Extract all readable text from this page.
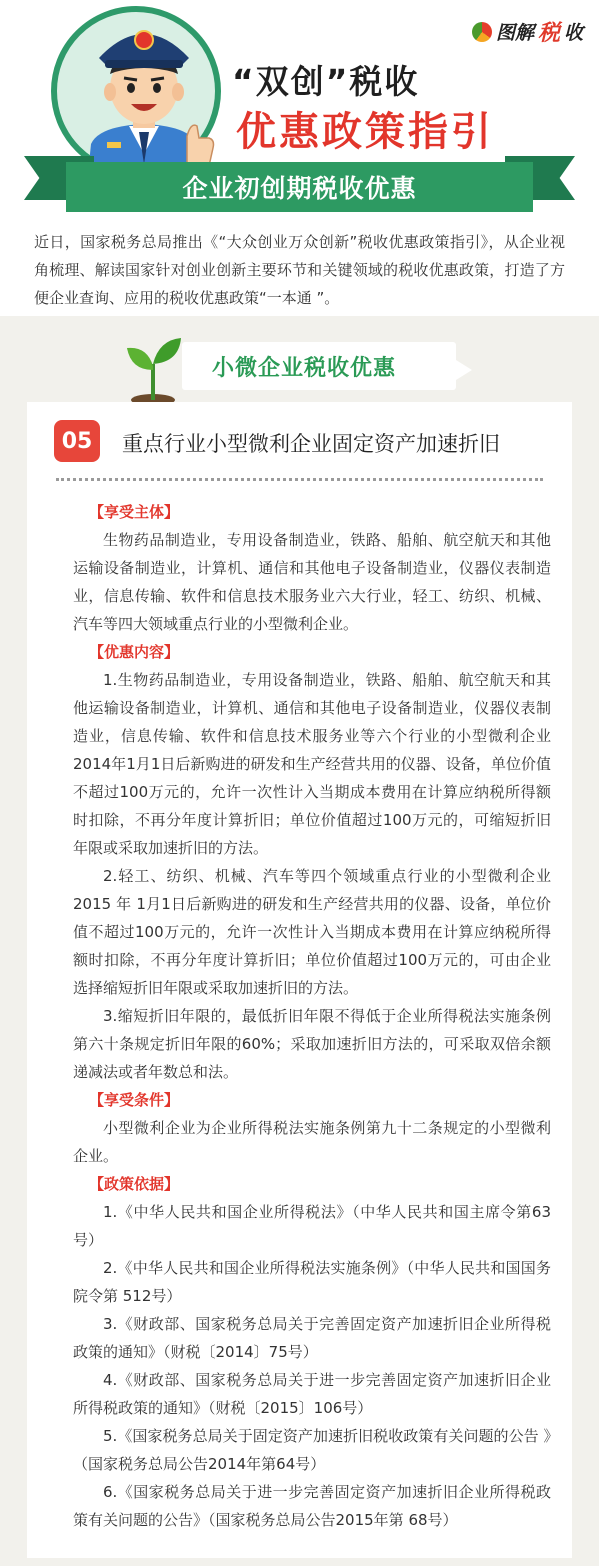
图解 税 收
“双创”税收
优惠政策指引
企业初创期税收优惠
近日，国家税务总局推出《“大众创业万众创新”税收优惠政策指引》，从企业视角梳理、解读国家针对创业创新主要环节和关键领域的税收优惠政策，打造了方便企业查询、应用的税收优惠政策“一本通 ”。
小微企业税收优惠
05	重点行业小型微利企业固定资产加速折旧
【享受主体】
生物药品制造业，专用设备制造业，铁路、船舶、航空航天和其他运输设备制造业，计算机、通信和其他电子设备制造业，仪器仪表制造业，信息传输、软件和信息技术服务业六大行业，轻工、纺织、机械、汽车等四大领域重点行业的小型微利企业。
【优惠内容】
1.生物药品制造业，专用设备制造业，铁路、船舶、航空航天和其他运输设备制造业，计算机、通信和其他电子设备制造业，仪器仪表制造业，信息传输、软件和信息技术服务业等六个行业的小型微利企业2014年1月1日后新购进的研发和生产经营共用的仪器、设备，单位价值不超过100万元的，允许一次性计入当期成本费用在计算应纳税所得额时扣除，不再分年度计算折旧；单位价值超过100万元的，可缩短折旧年限或采取加速折旧的方法。
2.轻工、纺织、机械、汽车等四个领域重点行业的小型微利企业2015 年 1月1日后新购进的研发和生产经营共用的仪器、设备，单位价值不超过100万元的，允许一次性计入当期成本费用在计算应纳税所得额时扣除，不再分年度计算折旧；单位价值超过100万元的，可由企业选择缩短折旧年限或采取加速折旧的方法。
3.缩短折旧年限的，最低折旧年限不得低于企业所得税法实施条例第六十条规定折旧年限的60%；采取加速折旧方法的，可采取双倍余额递减法或者年数总和法。
【享受条件】
小型微利企业为企业所得税法实施条例第九十二条规定的小型微利企业。
【政策依据】
1.《中华人民共和国企业所得税法》（中华人民共和国主席令第63号）
2.《中华人民共和国企业所得税法实施条例》（中华人民共和国国务院令第 512号）
3.《财政部、国家税务总局关于完善固定资产加速折旧企业所得税政策的通知》（财税〔2014〕75号）
4.《财政部、国家税务总局关于进一步完善固定资产加速折旧企业所得税政策的通知》（财税〔2015〕106号）
5.《国家税务总局关于固定资产加速折旧税收政策有关问题的公告 》（国家税务总局公告2014年第64号）
6.《国家税务总局关于进一步完善固定资产加速折旧企业所得税政策有关问题的公告》（国家税务总局公告2015年第 68号）
